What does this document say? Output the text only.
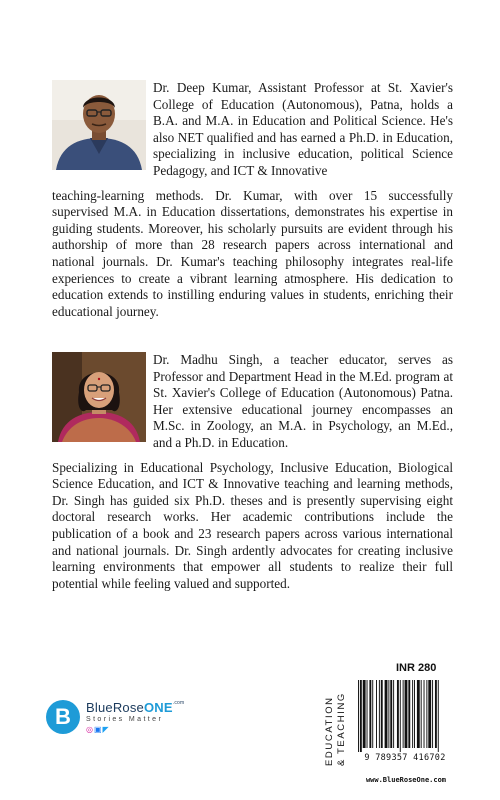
Dr. Deep Kumar, Assistant Professor at St. Xavier's College of Education (Autonomous), Patna, holds a B.A. and M.A. in Education and Political Science. He's also NET qualified and has earned a Ph.D. in Education, specializing in inclusive education, political Science Pedagogy, and ICT & Innovative
teaching-learning methods. Dr. Kumar, with over 15 successfully supervised M.A. in Education dissertations, demonstrates his expertise in guiding students. Moreover, his scholarly pursuits are evident through his authorship of more than 28 research papers across international and national journals. Dr. Kumar's teaching philosophy integrates real-life experiences to create a vibrant learning atmosphere. His dedication to education extends to instilling enduring values in students, enriching their educational journey.
Dr. Madhu Singh, a teacher educator, serves as Professor and Department Head in the M.Ed. program at St. Xavier's College of Education (Autonomous) Patna. Her extensive educational journey encompasses an M.Sc. in Zoology, an M.A. in Psychology, an M.Ed., and a Ph.D. in Education.
Specializing in Educational Psychology, Inclusive Education, Biological Science Education, and ICT & Innovative teaching and learning methods, Dr. Singh has guided six Ph.D. theses and is presently supervising eight doctoral research works. Her academic contributions include the publication of a book and 23 research papers across various international and national journals. Dr. Singh ardently advocates for creating inclusive learning environments that empower all students to realize their full potential while feeling valued and supported.
B BlueRoseONE$^{.com}$
Stories Matter
◎▣◤	EDUCATION & TEACHING
INR 280
9 789357 416702
www.BlueRoseOne.com
